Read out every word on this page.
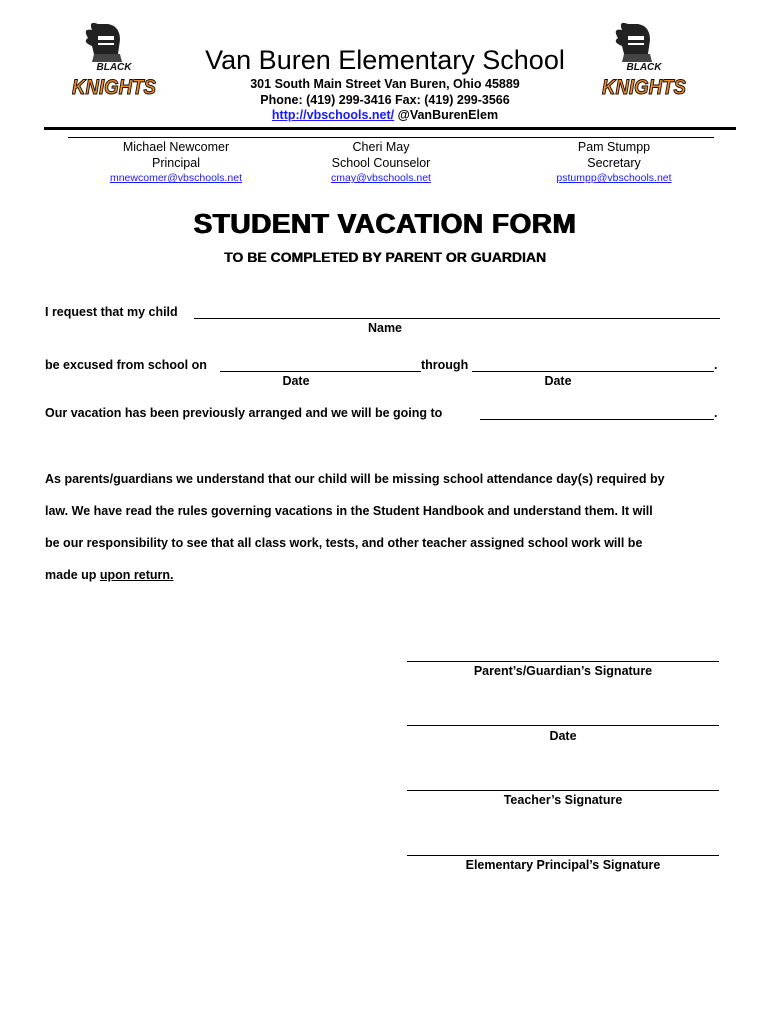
BLACK
KNIGHTS
BLACK
KNIGHTS
Van Buren Elementary School
301 South Main Street Van Buren, Ohio 45889
Phone: (419) 299-3416 Fax: (419) 299-3566
http://vbschools.net/ @VanBurenElem
Michael Newcomer
Principal
mnewcomer@vbschools.net
Cheri May
School Counselor
cmay@vbschools.net
Pam Stumpp
Secretary
pstumpp@vbschools.net
STUDENT VACATION FORM
TO BE COMPLETED BY PARENT OR GUARDIAN
I request that my child
Name
be excused from school on	through	.
Date	Date
Our vacation has been previously arranged and we will be going to	.
As parents/guardians we understand that our child will be missing school attendance day(s) required by
law. We have read the rules governing vacations in the Student Handbook and understand them. It will
be our responsibility to see that all class work, tests, and other teacher assigned school work will be
made up upon return.
Parent’s/Guardian’s Signature
Date
Teacher’s Signature
Elementary Principal’s Signature
